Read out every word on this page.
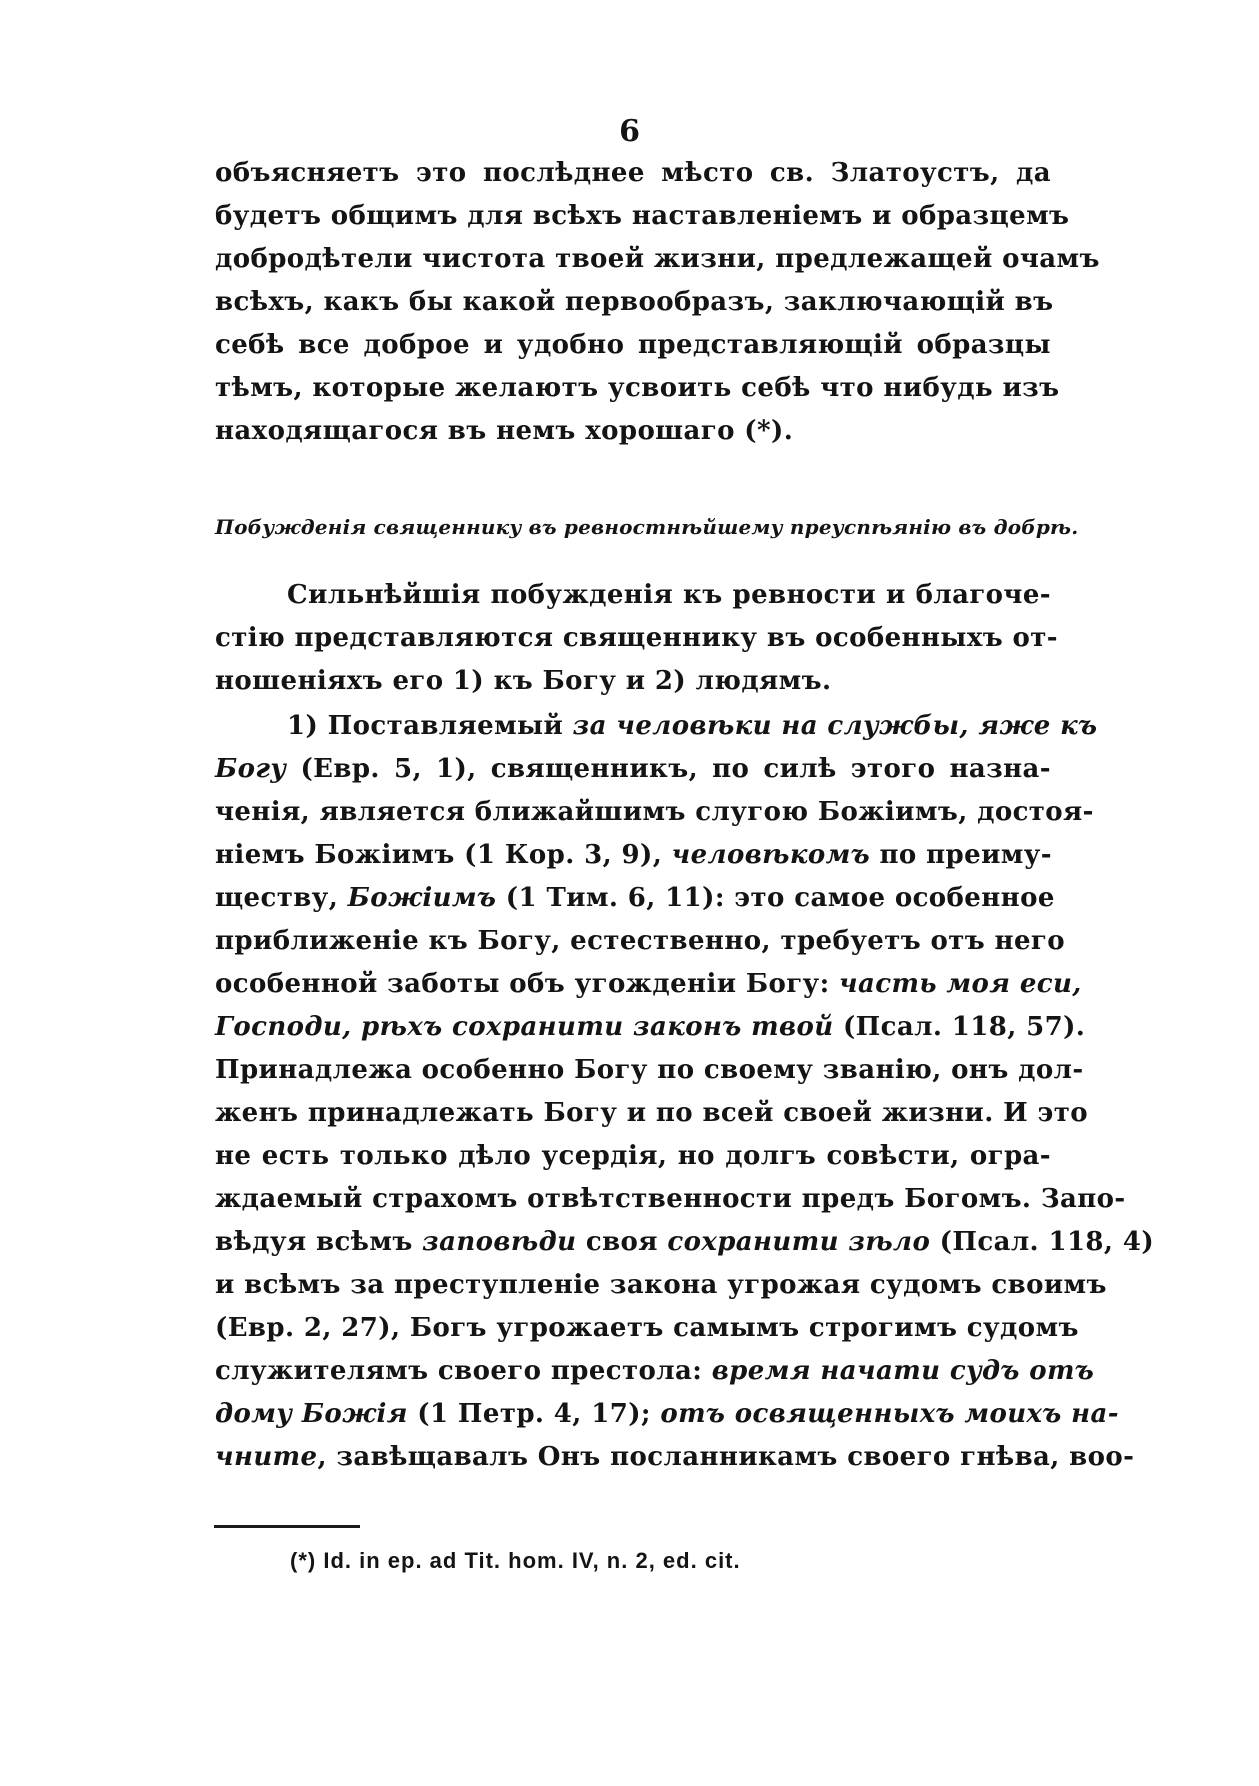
6
объясняетъ это послѣднее мѣсто св. Златоустъ, да
будетъ общимъ для всѣхъ наставленіемъ и образцемъ
добродѣтели чистота твоей жизни, предлежащей очамъ
всѣхъ, какъ бы какой первообразъ, заключающій въ
себѣ все доброе и удобно представляющій образцы
тѣмъ, которые желаютъ усвоить себѣ что нибудь изъ
находящагося въ немъ хорошаго (*).
Побужденія священнику въ ревностнѣйшему преуспѣянію въ добрѣ.
Сильнѣйшія побужденія къ ревности и благоче-
стію представляются священнику въ особенныхъ от-
ношеніяхъ его 1) къ Богу и 2) людямъ.
1) Поставляемый за человѣки на службы, яже къ
Богу (Евр. 5, 1), священникъ, по силѣ этого назна-
ченія, является ближайшимъ слугою Божіимъ, достоя-
ніемъ Божіимъ (1 Кор. 3, 9), человѣкомъ по преиму-
ществу, Божіимъ (1 Тим. 6, 11): это самое особенное
приближеніе къ Богу, естественно, требуетъ отъ него
особенной заботы объ угожденіи Богу: часть моя еси,
Господи, рѣхъ сохранити законъ твой (Псал. 118, 57).
Принадлежа особенно Богу по своему званію, онъ дол-
женъ принадлежать Богу и по всей своей жизни. И это
не есть только дѣло усердія, но долгъ совѣсти, огра-
ждаемый страхомъ отвѣтственности предъ Богомъ. Запо-
вѣдуя всѣмъ заповѣди своя сохранити зѣло (Псал. 118, 4)
и всѣмъ за преступленіе закона угрожая судомъ своимъ
(Евр. 2, 27), Богъ угрожаетъ самымъ строгимъ судомъ
служителямъ своего престола: время начати судъ отъ
дому Божія (1 Петр. 4, 17); отъ освященныхъ моихъ на-
чните, завѣщавалъ Онъ посланникамъ своего гнѣва, воо-
(*) Id. in ep. ad Tit. hom. IV, n. 2, ed. cit.
